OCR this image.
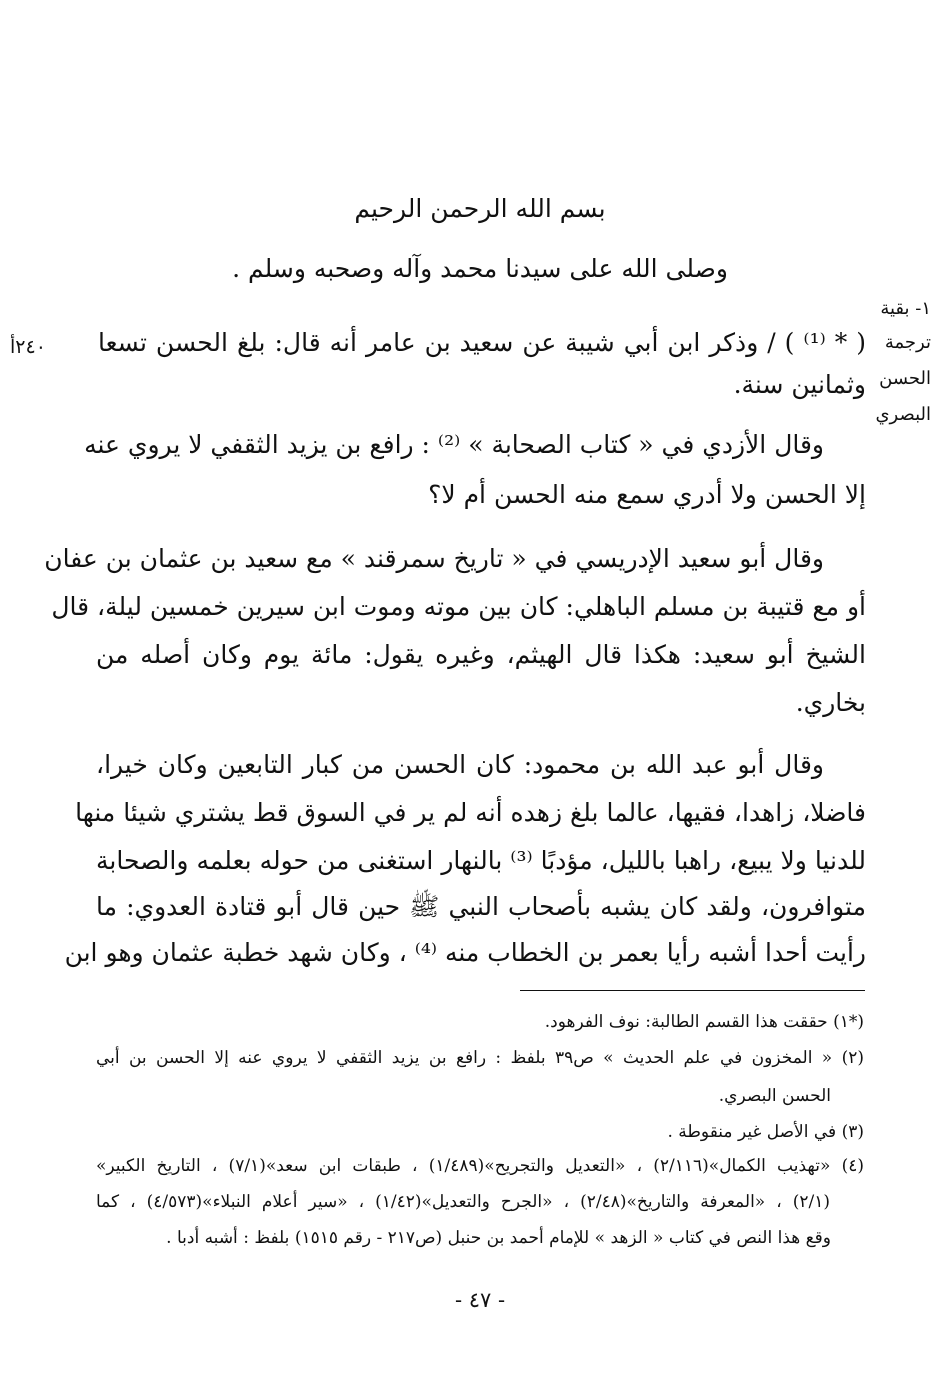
بسم الله الرحمن الرحيم

وصلى الله على سيدنا محمد وآله وصحبه وسلم .

١- بقية
ترجمة
الحسن
البصري
٢٤٠أ ( * ⁽¹⁾ ) / وذكر ابن أبي شيبة عن سعيد بن عامر أنه قال: بلغ الحسن تسعا

وثمانين سنة.

وقال الأزدي في « كتاب الصحابة » ⁽²⁾ : رافع بن يزيد الثقفي لا يروي عنه

إلا الحسن ولا أدري سمع منه الحسن أم لا؟

وقال أبو سعيد الإدريسي في « تاريخ سمرقند » مع سعيد بن عثمان بن عفان

أو مع قتيبة بن مسلم الباهلي: كان بين موته وموت ابن سيرين خمسين ليلة، قال

الشيخ أبو سعيد: هكذا قال الهيثم، وغيره يقول: مائة يوم وكان أصله من

بخاري.

وقال أبو عبد الله بن محمود: كان الحسن من كبار التابعين وكان خيرا،

فاضلا، زاهدا، فقيها، عالما بلغ زهده أنه لم ير في السوق قط يشتري شيئا منها

للدنيا ولا يبيع، راهبا بالليل، مؤدبًا ⁽³⁾ بالنهار استغنى من حوله بعلمه والصحابة

متوافرون، ولقد كان يشبه بأصحاب النبي ﷺ حين قال أبو قتادة العدوي: ما

رأيت أحدا أشبه رأيا بعمر بن الخطاب منه ⁽⁴⁾ ، وكان شهد خطبة عثمان وهو ابن

(*١) حققت هذا القسم الطالبة: نوف الفرهود.

(٢) « المخزون في علم الحديث » ص٣٩ بلفظ : رافع بن يزيد الثقفي لا يروي عنه إلا الحسن بن أبي

الحسن البصري.

(٣) في الأصل غير منقوطة .

(٤) «تهذيب الكمال»(٢/١١٦) ، «التعديل والتجريح»(١/٤٨٩) ، طبقات ابن سعد»(٧/١) ، التاريخ الكبير»

(٢/١) ، «المعرفة والتاريخ»(٢/٤٨) ، «الجرح والتعديل»(١/٤٢) ، «سير أعلام النبلاء»(٤/٥٧٣) ، كما

وقع هذا النص في كتاب « الزهد » للإمام أحمد بن حنبل (ص٢١٧ - رقم ١٥١٥) بلفظ : أشبه أدبا .

- ٤٧ -
